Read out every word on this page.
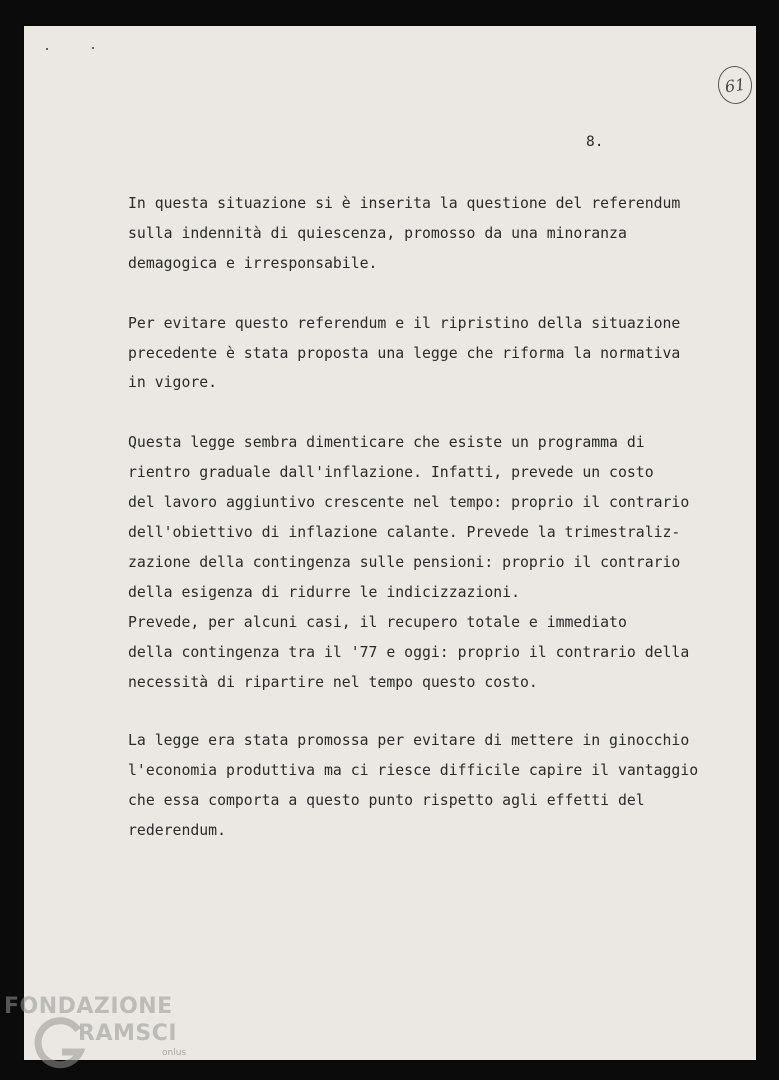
61
8.
In questa situazione si è inserita la questione del referendum
sulla indennità di quiescenza, promosso da una minoranza
demagogica e irresponsabile.
Per evitare questo referendum e il ripristino della situazione
precedente è stata proposta una legge che riforma la normativa
in vigore.
Questa legge sembra dimenticare che esiste un programma di
rientro graduale dall'inflazione. Infatti, prevede un costo
del lavoro aggiuntivo crescente nel tempo: proprio il contrario
dell'obiettivo di inflazione calante. Prevede la trimestraliz-
zazione della contingenza sulle pensioni: proprio il contrario
della esigenza di ridurre le indicizzazioni.
Prevede, per alcuni casi, il recupero totale e immediato
della contingenza tra il '77 e oggi: proprio il contrario della
necessità di ripartire nel tempo questo costo.
La legge era stata promossa per evitare di mettere in ginocchio
l'economia produttiva ma ci riesce difficile capire il vantaggio
che essa comporta a questo punto rispetto agli effetti del
rederendum.
FONDAZIONE
RAMSCI
onlus
